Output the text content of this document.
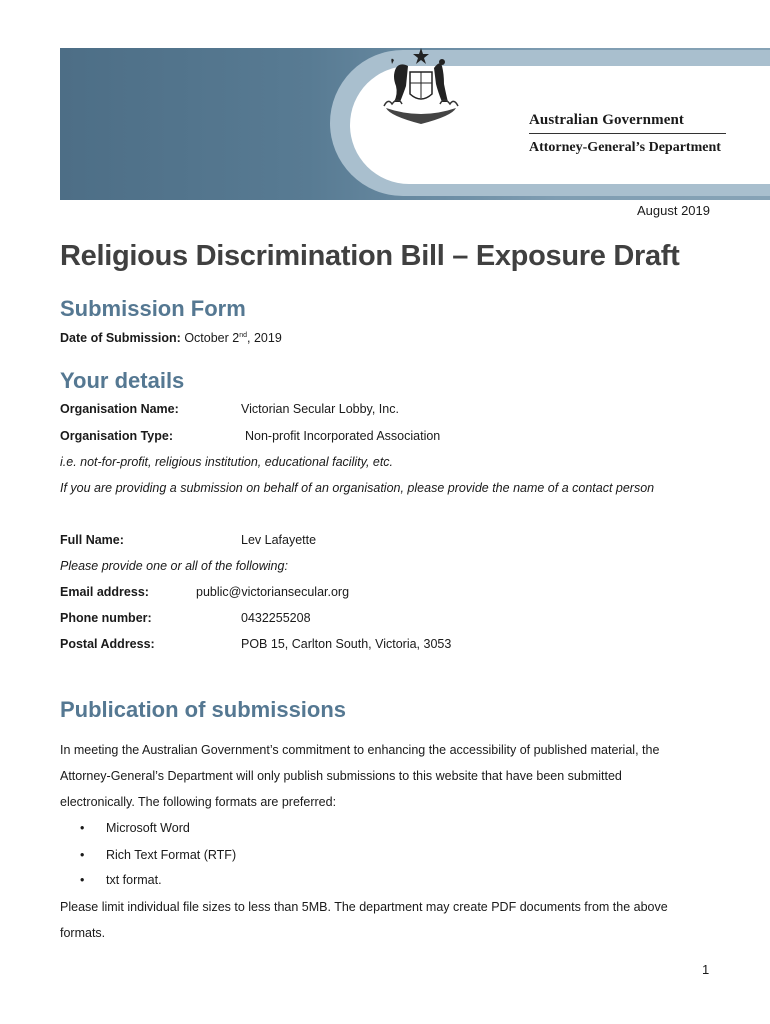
Australian Government
Attorney-General’s Department
August 2019
Religious Discrimination Bill – Exposure Draft
Submission Form
Date of Submission: October 2nd, 2019
Your details
Organisation Name:	Victorian Secular Lobby, Inc.
Organisation Type:	Non-profit Incorporated Association
i.e. not-for-profit, religious institution, educational facility, etc.
If you are providing a submission on behalf of an organisation, please provide the name of a contact person
Full Name:	Lev Lafayette
Please provide one or all of the following:
Email address:	public@victoriansecular.org
Phone number:	0432255208
Postal Address:	POB 15, Carlton South, Victoria, 3053
Publication of submissions
In meeting the Australian Government’s commitment to enhancing the accessibility of published material, the
Attorney-General’s Department will only publish submissions to this website that have been submitted
electronically. The following formats are preferred:
• Microsoft Word
• Rich Text Format (RTF)
• txt format.
Please limit individual file sizes to less than 5MB. The department may create PDF documents from the above
formats.
1
